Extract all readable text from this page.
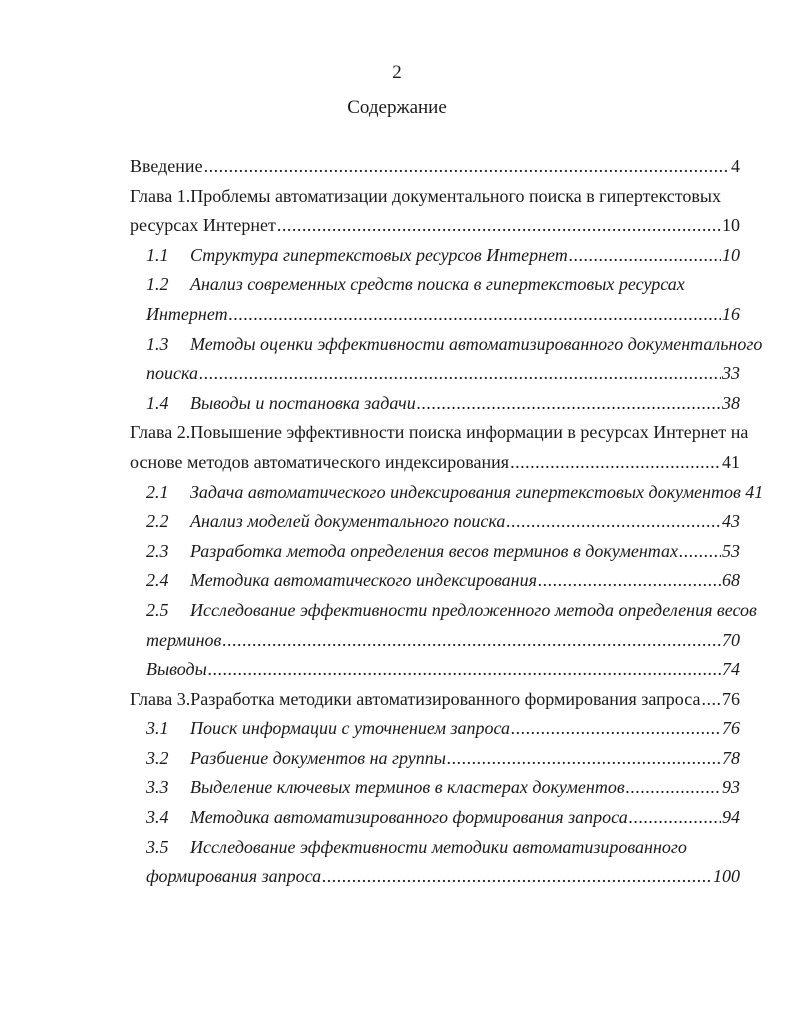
2
Содержание
Введение .....	4
Глава 1.Проблемы автоматизации документального поиска в гипертекстовых
ресурсах Интернет .....	10
1.1	Структура гипертекстовых ресурсов Интернет .....	10
1.2	Анализ современных средств поиска в гипертекстовых ресурсах
Интернет .....	16
1.3	Методы оценки эффективности автоматизированного документального
поиска .....	33
1.4	Выводы и постановка задачи .....	38
Глава 2.Повышение эффективности поиска информации в ресурсах Интернет на
основе методов автоматического индексирования .....	41
2.1	Задача автоматического индексирования гипертекстовых документов
41
2.2	Анализ моделей документального поиска .....	43
2.3	Разработка метода определения весов терминов в документах ..... 53
2.4	Методика автоматического индексирования .....	68
2.5	Исследование эффективности предложенного метода определения весов
терминов .....	70
Выводы .....	74
Глава 3.Разработка методики автоматизированного формирования запроса ..... 76
3.1	Поиск информации с уточнением запроса .....	76
3.2	Разбиение документов на группы .....	78
3.3	Выделение ключевых терминов в кластерах документов .....	93
3.4	Методика автоматизированного формирования запроса .....	94
3.5	Исследование эффективности методики автоматизированного
формирования запроса .....	100
